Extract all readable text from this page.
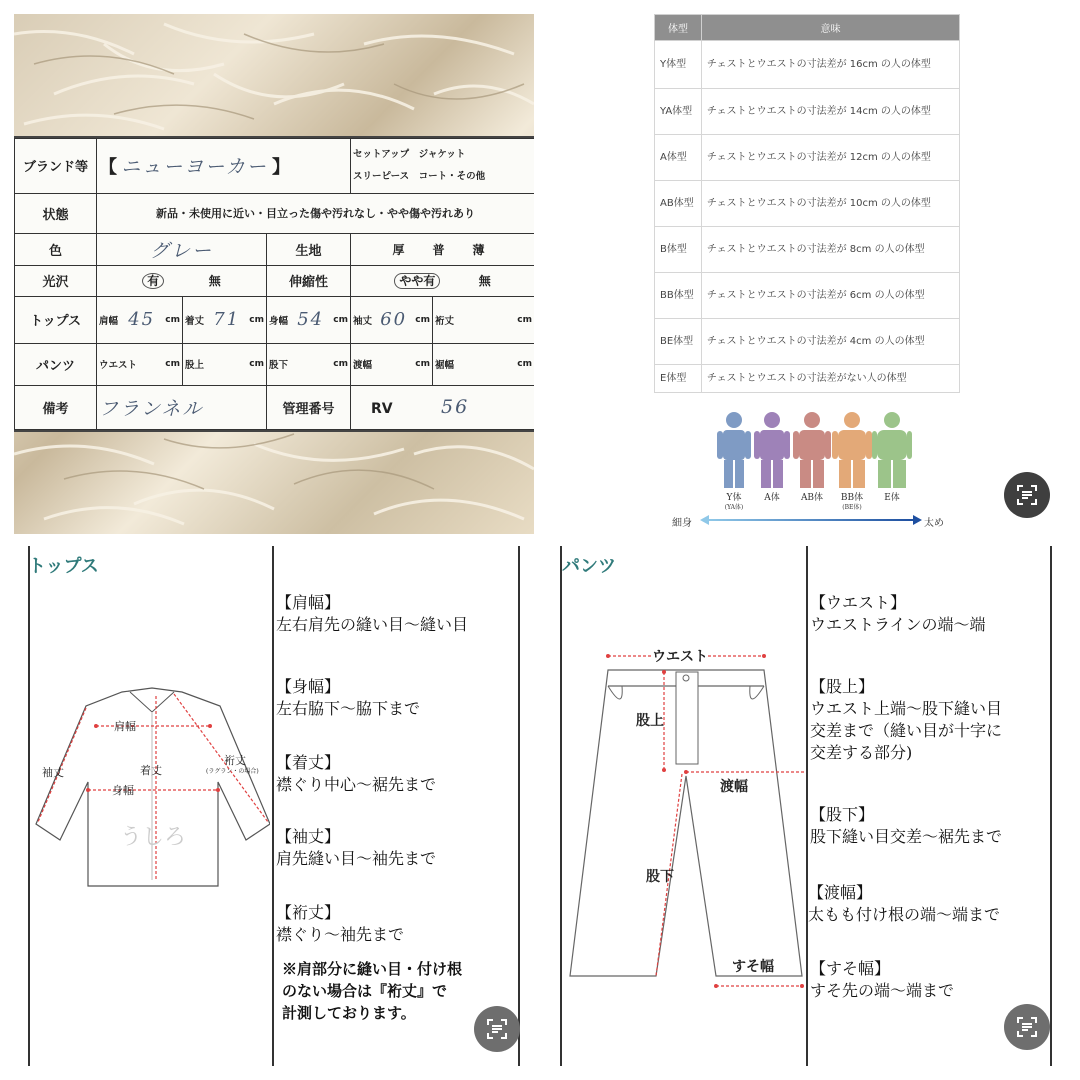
ブランド等	【 ニューヨーカー 】			セットアップ　ジャケット
スリーピース　コート・その他	

状態	新品・未使用に近い・目立った傷や汚れなし・やや傷や汚れあり				
色	グレー		生地	厚　普　薄	
光沢	有 無		伸縮性	やや有 無	
トップス	肩幅 45 cm	着丈 71 cm	身幅 54 cm	袖丈 60 cm	裄丈 cm

パンツ	ウエスト cm	股上 cm	股下 cm	渡幅 cm	裾幅 cm

備考	フランネル		管理番号	RV 56	
体型	意味
Y体型	チェストとウエストの寸法差が 16cm の人の体型
YA体型	チェストとウエストの寸法差が 14cm の人の体型
A体型	チェストとウエストの寸法差が 12cm の人の体型
AB体型	チェストとウエストの寸法差が 10cm の人の体型
B体型	チェストとウエストの寸法差が 8cm の人の体型
BB体型	チェストとウエストの寸法差が 6cm の人の体型
BE体型	チェストとウエストの寸法差が 4cm の人の体型
E体型	チェストとウエストの寸法差がない人の体型
Y体
(YA体)
A体	AB体	BB体
(BE体)
E体
細身	太め
トップス
肩幅
着丈
身幅
袖丈
裄丈
(ラグラン・の場合)
うしろ
【肩幅】
左右肩先の縫い目〜縫い目
【身幅】
左右脇下〜脇下まで
【着丈】
襟ぐり中心〜裾先まで
【袖丈】
肩先縫い目〜袖先まで
【裄丈】
襟ぐり〜袖先まで
※肩部分に縫い目・付け根
のない場合は『裄丈』で
計測しております。
パンツ
ウエスト
股上
渡幅
股下
すそ幅
【ウエスト】
ウエストラインの端〜端
【股上】
ウエスト上端〜股下縫い目
交差まで（縫い目が十字に
交差する部分)
【股下】
股下縫い目交差〜裾先まで
【渡幅】
太もも付け根の端〜端まで
【すそ幅】
すそ先の端〜端まで
